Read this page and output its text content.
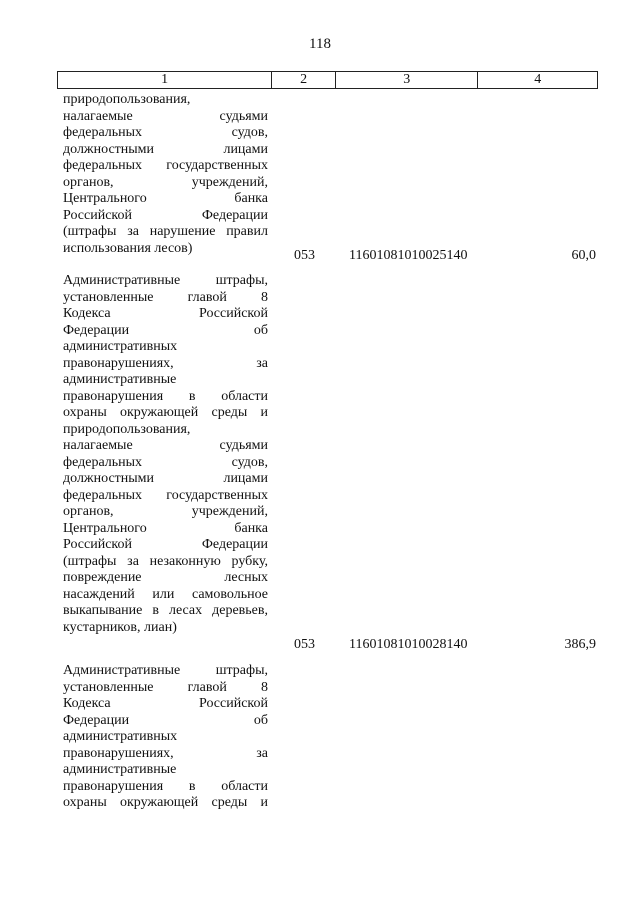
118
1	2	3	4
природопользования,
налагаемые судьями
федеральных судов,
должностными лицами
федеральных государственных
органов, учреждений,
Центрального банка
Российской Федерации
(штрафы за нарушение правил
использования лесов)	053	11601081010025140	60,0
Административные штрафы,
установленные главой 8
Кодекса Российской
Федерации об
административных
правонарушениях, за
административные
правонарушения в области
охраны окружающей среды и
природопользования,
налагаемые судьями
федеральных судов,
должностными лицами
федеральных государственных
органов, учреждений,
Центрального банка
Российской Федерации
(штрафы за незаконную рубку,
повреждение лесных
насаждений или самовольное
выкапывание в лесах деревьев,
кустарников, лиан)
053	11601081010028140	386,9
Административные штрафы,
установленные главой 8
Кодекса Российской
Федерации об
административных
правонарушениях, за
административные
правонарушения в области
охраны окружающей среды и
